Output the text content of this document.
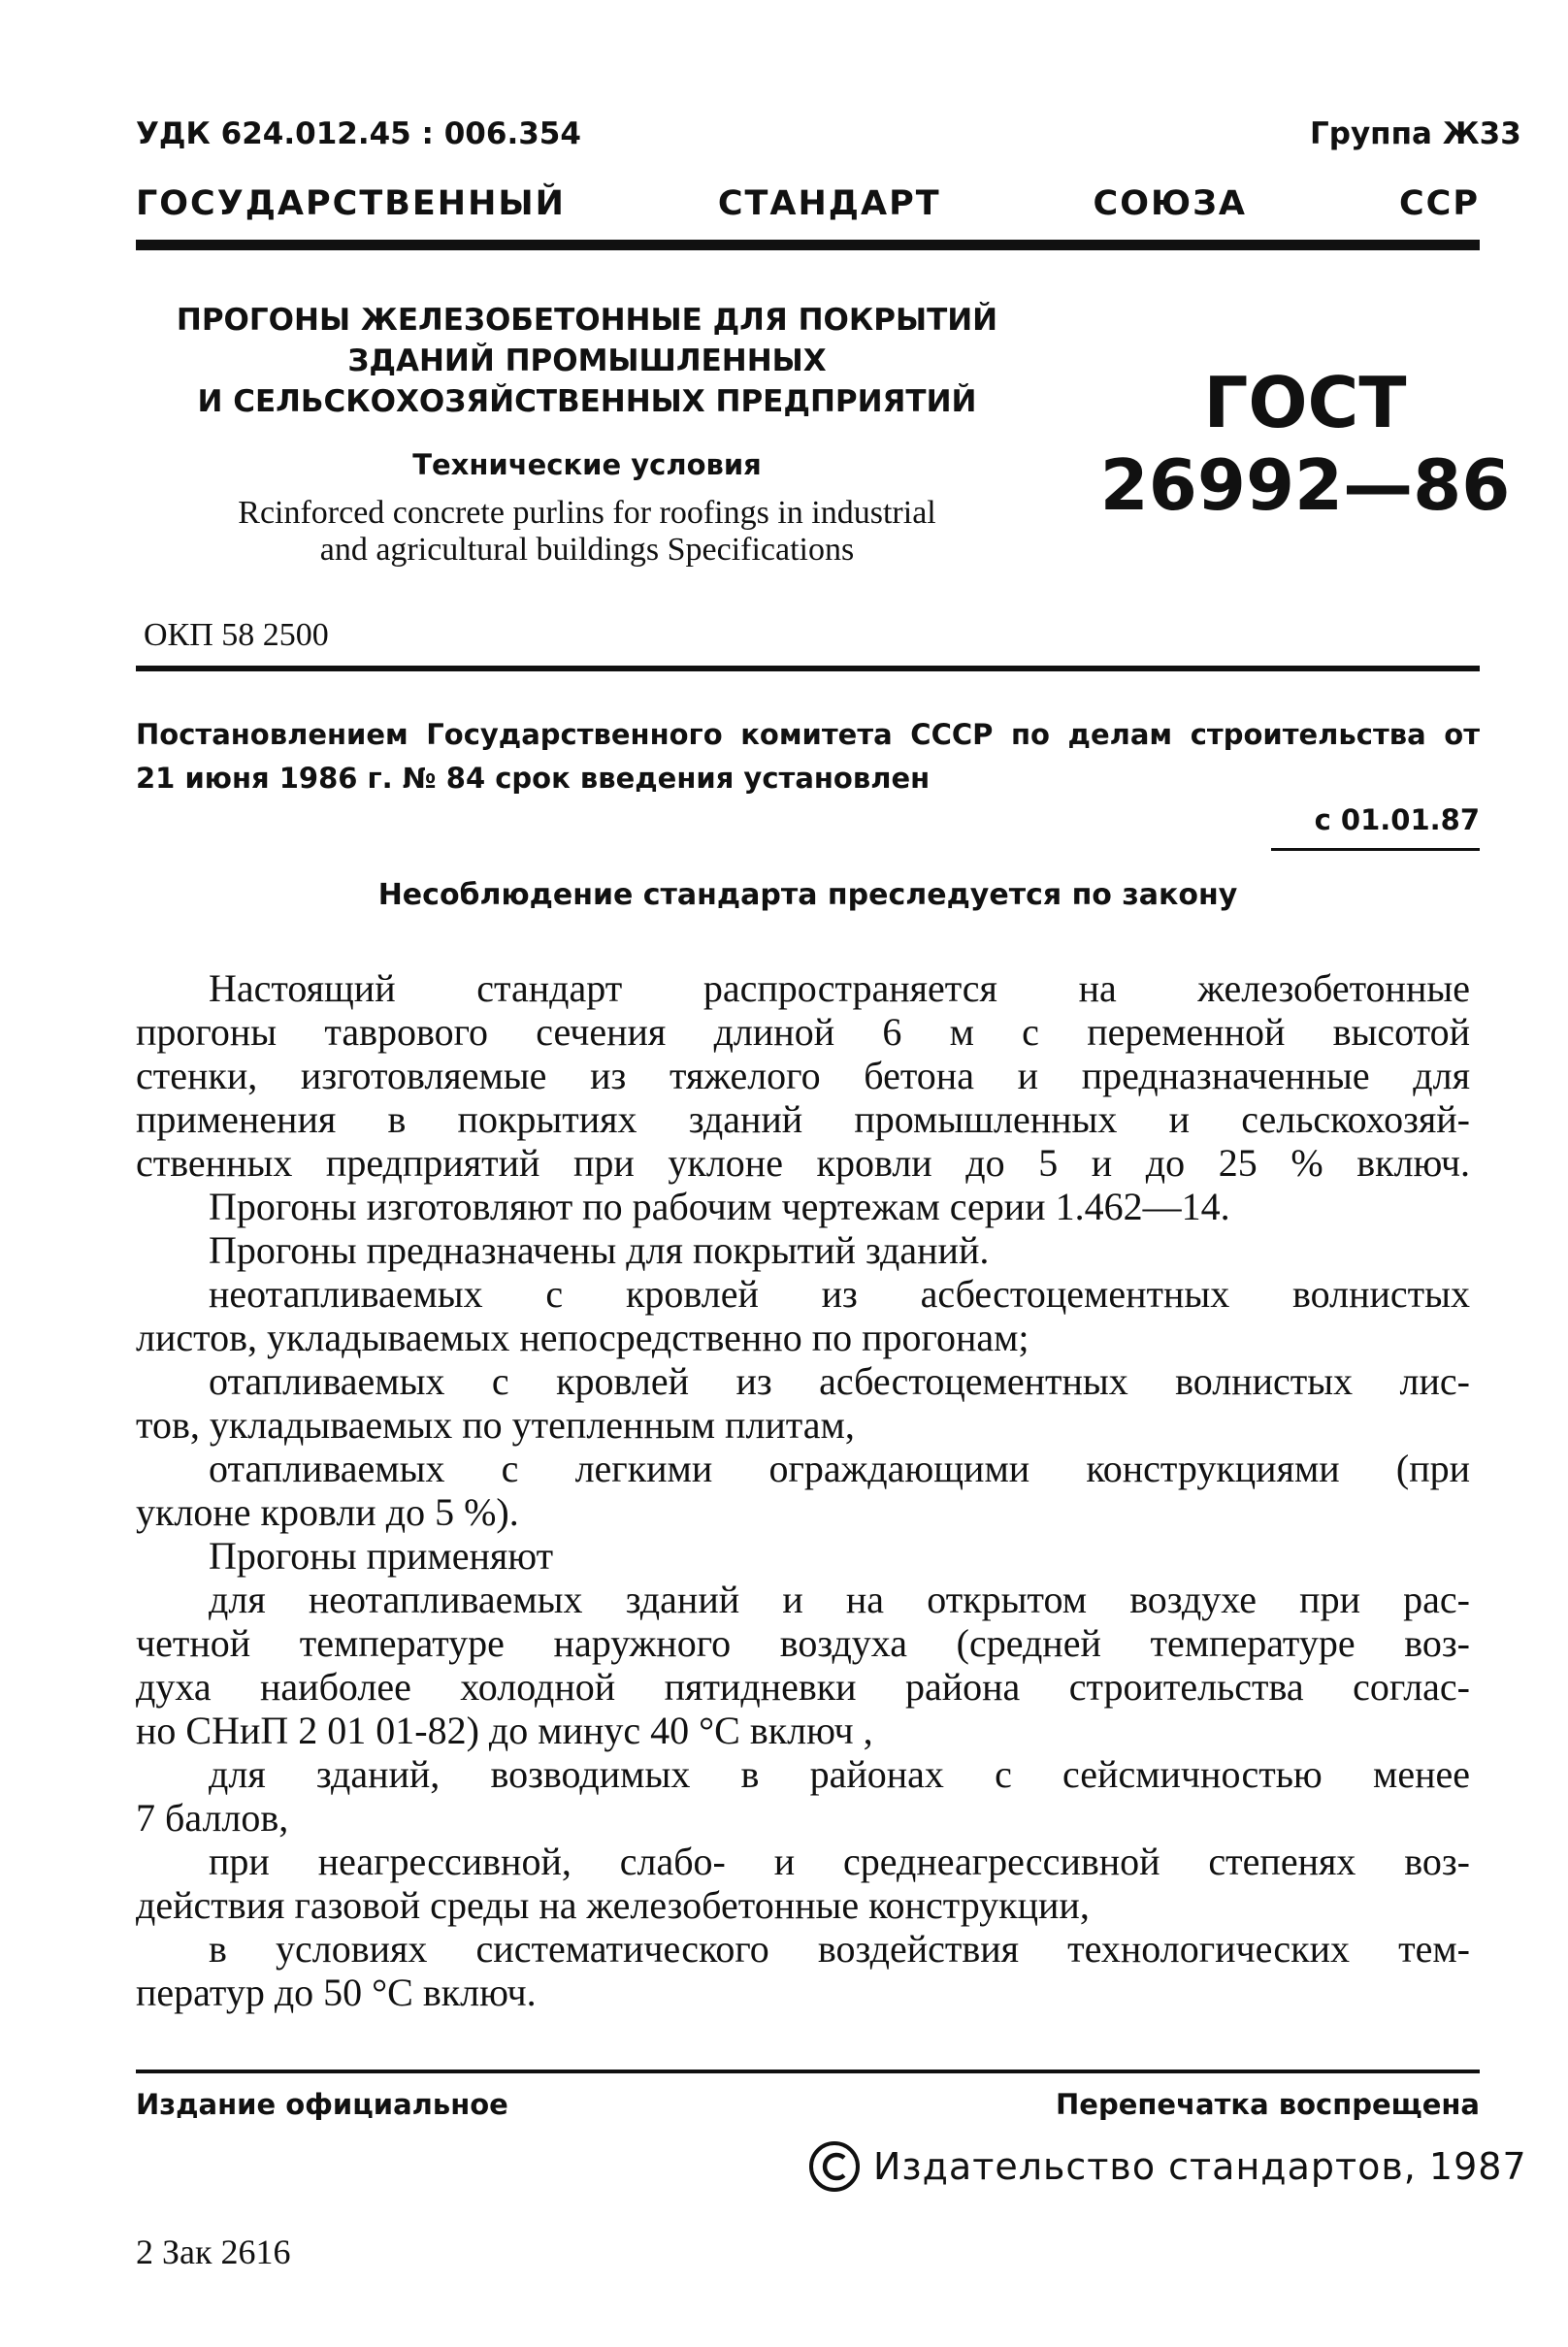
УДК 624.012.45 : 006.354	Группа Ж33
ГОСУДАРСТВЕННЫЙ СТАНДАРТ СОЮЗА ССР
ПРОГОНЫ ЖЕЛЕЗОБЕТОННЫЕ ДЛЯ ПОКРЫТИЙ
ЗДАНИЙ ПРОМЫШЛЕННЫХ
И СЕЛЬСКОХОЗЯЙСТВЕННЫХ ПРЕДПРИЯТИЙ
Технические условия
Rcinforced concrete purlins for roofings in industrial
and agricultural buildings Specifications
ГОСТ
26992—86
ОКП 58 2500
Постановлением Государственного комитета СССР по делам строительства от
21 июня 1986 г. № 84 срок введения установлен
с 01.01.87
Несоблюдение стандарта преследуется по закону
Настоящий стандарт распространяется на железобетонные
прогоны таврового сечения длиной 6 м с переменной высотой
стенки, изготовляемые из тяжелого бетона и предназначенные для
применения в покрытиях зданий промышленных и сельскохозяй-
ственных предприятий при уклоне кровли до 5 и до 25 % включ.
Прогоны изготовляют по рабочим чертежам серии 1.462—14.
Прогоны предназначены для покрытий зданий.
неотапливаемых с кровлей из асбестоцементных волнистых
листов, укладываемых непосредственно по прогонам;
отапливаемых с кровлей из асбестоцементных волнистых лис-
тов, укладываемых по утепленным плитам,
отапливаемых с легкими ограждающими конструкциями (при
уклоне кровли до 5 %).
Прогоны применяют
для неотапливаемых зданий и на открытом воздухе при рас-
четной температуре наружного воздуха (средней температуре воз-
духа наиболее холодной пятидневки района строительства соглас-
но СНиП 2 01 01-82) до минус 40 °С включ ,
для зданий, возводимых в районах с сейсмичностью менее
7 баллов,
при неагрессивной, слабо- и среднеагрессивной степенях воз-
действия газовой среды на железобетонные конструкции,
в условиях систематического воздействия технологических тем-
ператур до 50 °С включ.
Издание официальное	Перепечатка воспрещена
Издательство стандартов, 1987
2 Зак 2616
